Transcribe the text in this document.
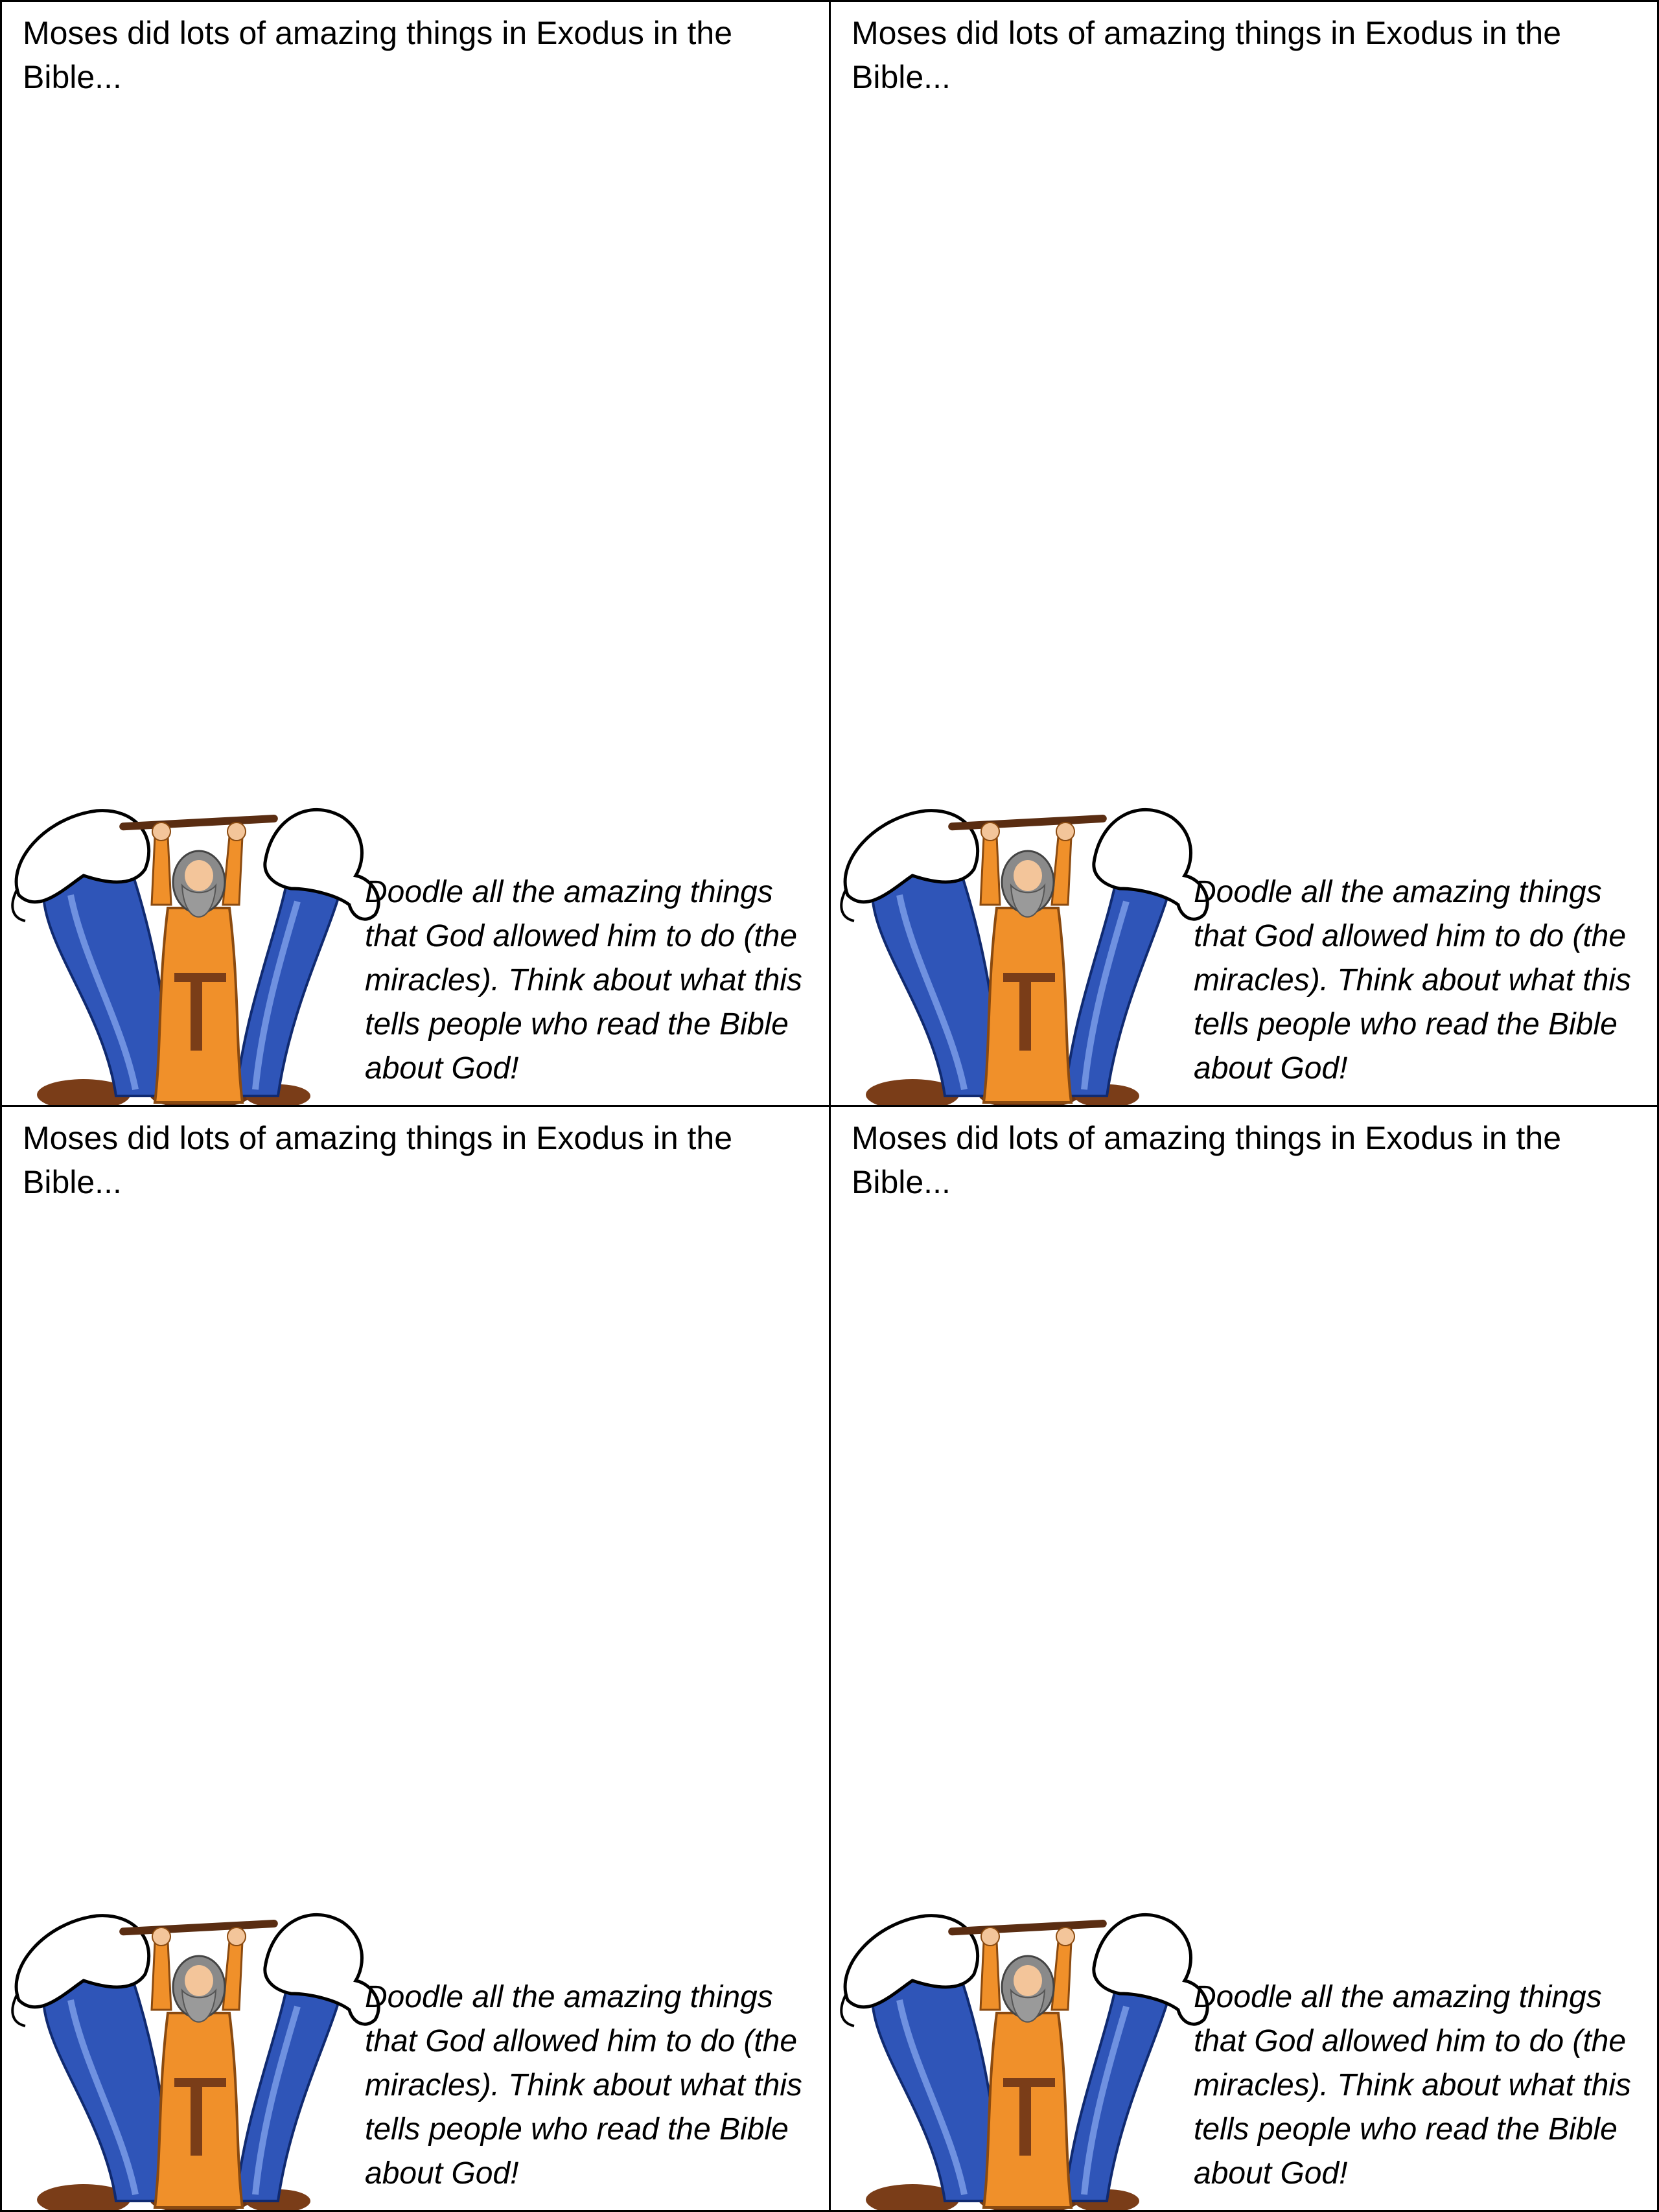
Moses did lots of amazing things in Exodus in the Bible...

Doodle all the amazing things that God allowed him to do (the miracles). Think about what this tells people who read the Bible about God!

Moses did lots of amazing things in Exodus in the Bible...

Doodle all the amazing things that God allowed him to do (the miracles). Think about what this tells people who read the Bible about God!

Moses did lots of amazing things in Exodus in the Bible...

Doodle all the amazing things that God allowed him to do (the miracles). Think about what this tells people who read the Bible about God!

Moses did lots of amazing things in Exodus in the Bible...

Doodle all the amazing things that God allowed him to do (the miracles). Think about what this tells people who read the Bible about God!
